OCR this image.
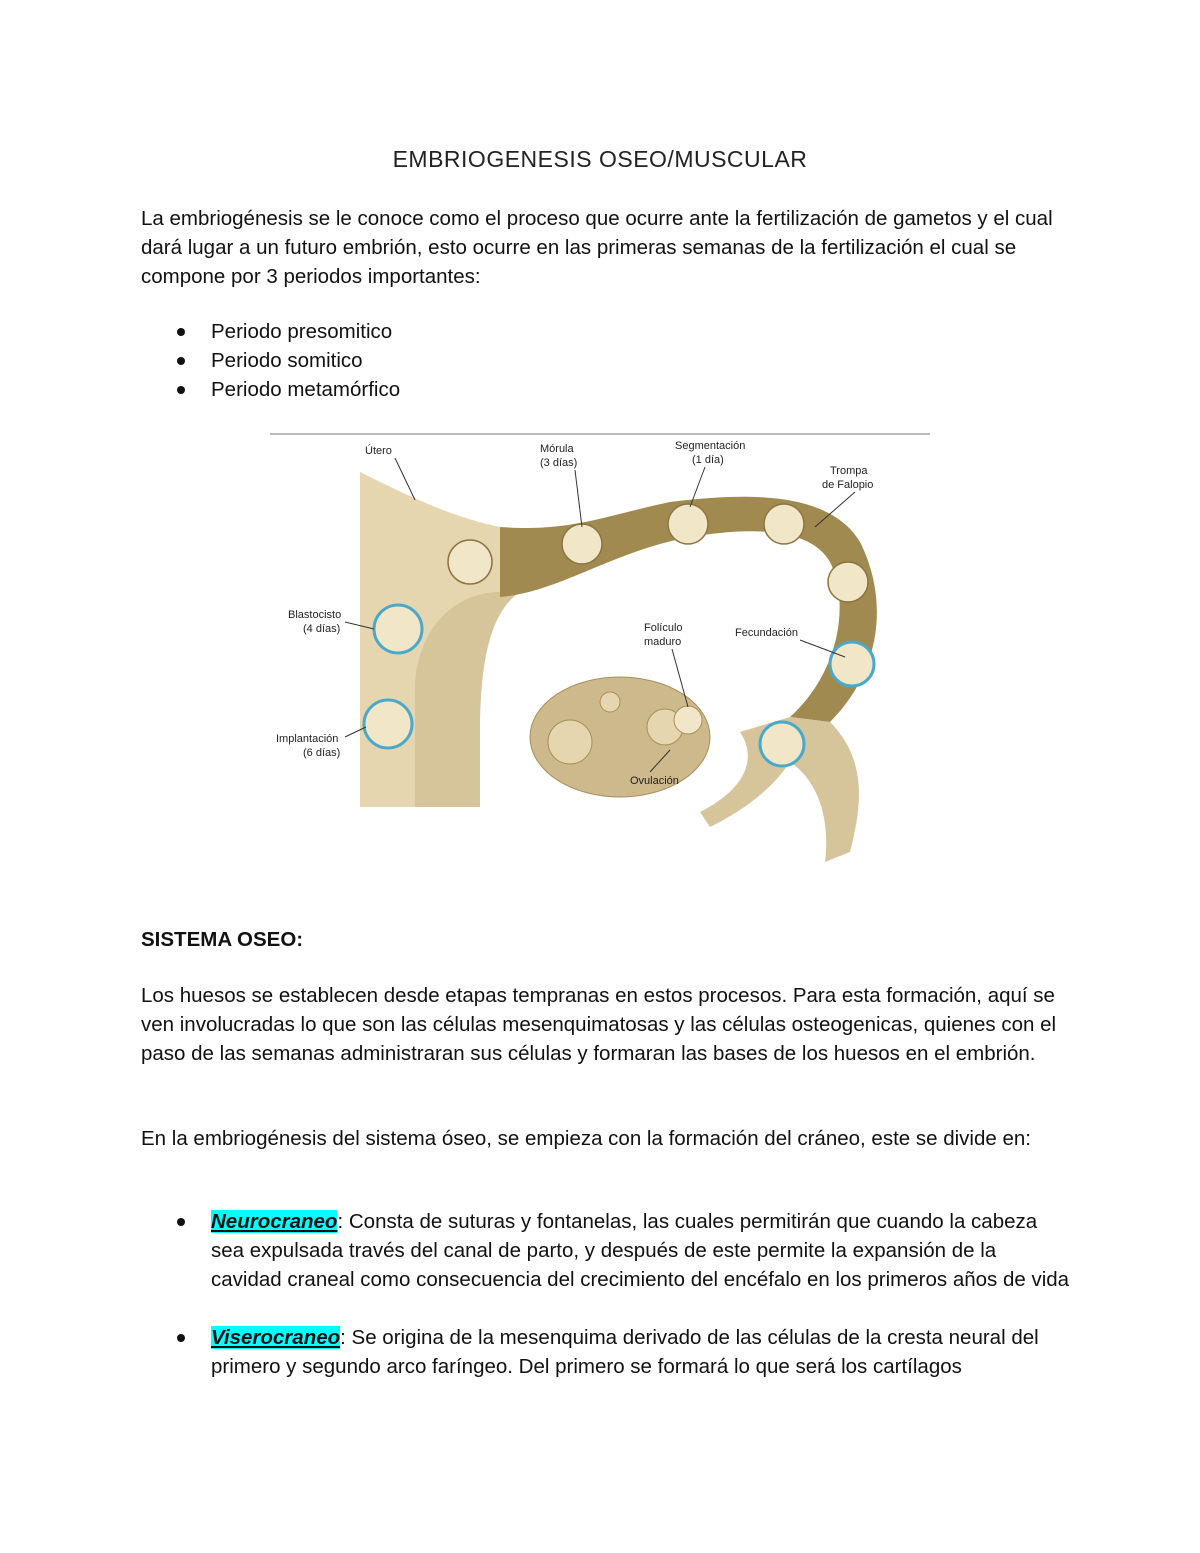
EMBRIOGENESIS OSEO/MUSCULAR

La embriogénesis se le conoce como el proceso que ocurre ante la fertilización de gametos y el cual dará lugar a un futuro embrión, esto ocurre en las primeras semanas de la fertilización el cual se compone por 3 periodos importantes:

Periodo presomitico
Periodo somitico
Periodo metamórfico
Útero	Mórula
(3 días)
Segmentación
(1 día)
Trompa
de Falopio
Blastocisto
(4 días)	Folículo
maduro
Fecundación
Implantación
(6 días)
Ovulación
SISTEMA OSEO:

Los huesos se establecen desde etapas tempranas en estos procesos. Para esta formación, aquí se ven involucradas lo que son las células mesenquimatosas y las células osteogenicas, quienes con el paso de las semanas administraran sus células y formaran las bases de los huesos en el embrión.

En la embriogénesis del sistema óseo, se empieza con la formación del cráneo, este se divide en:

Neurocraneo: Consta de suturas y fontanelas, las cuales permitirán que cuando la cabeza sea expulsada través del canal de parto, y después de este permite la expansión de la cavidad craneal como consecuencia del crecimiento del encéfalo en los primeros años de vida
Viserocraneo: Se origina de la mesenquima derivado de las células de la cresta neural del primero y segundo arco faríngeo. Del primero se formará lo que será los cartílagos
